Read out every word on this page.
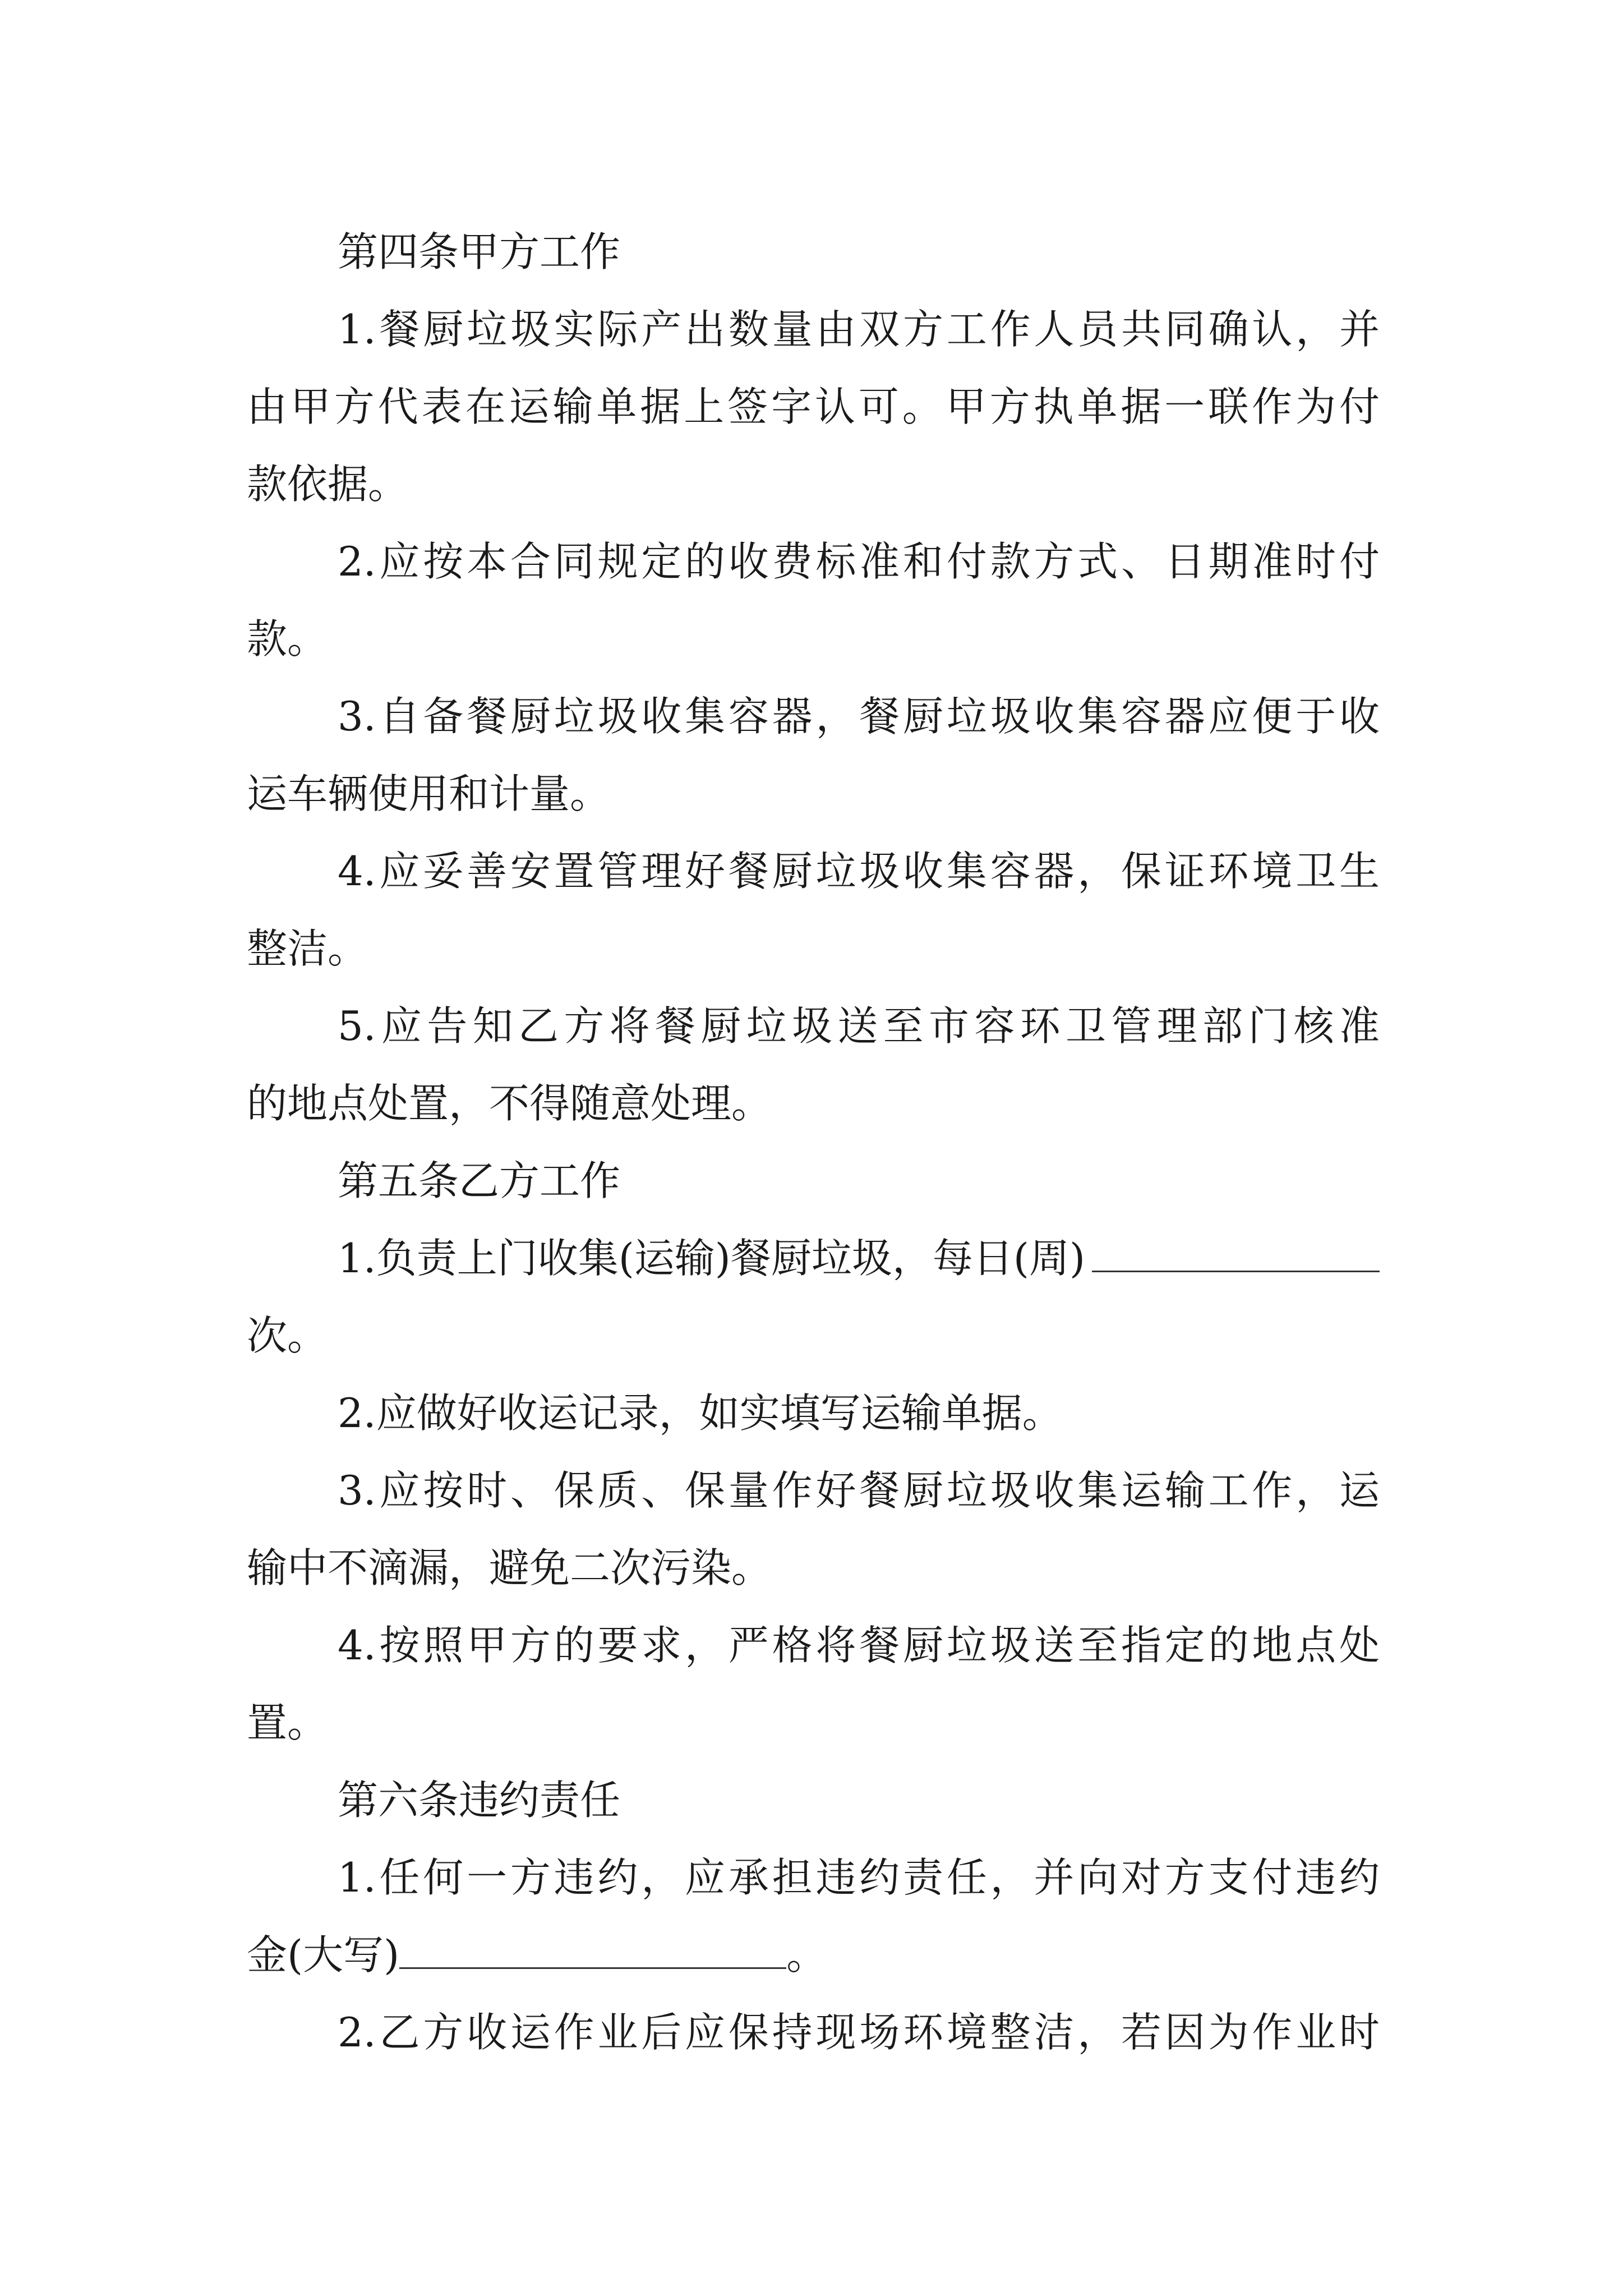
第四条甲方工作
1.餐厨垃圾实际产出数量由双方工作人员共同确认，并
由甲方代表在运输单据上签字认可。甲方执单据一联作为付
款依据。
2.应按本合同规定的收费标准和付款方式、日期准时付
款。
3.自备餐厨垃圾收集容器，餐厨垃圾收集容器应便于收
运车辆使用和计量。
4.应妥善安置管理好餐厨垃圾收集容器，保证环境卫生
整洁。
5.应告知乙方将餐厨垃圾送至市容环卫管理部门核准
的地点处置，不得随意处理。
第五条乙方工作
1.负责上门收集(运输)餐厨垃圾，每日(周)
次。
2.应做好收运记录，如实填写运输单据。
3.应按时、保质、保量作好餐厨垃圾收集运输工作，运
输中不滴漏，避免二次污染。
4.按照甲方的要求，严格将餐厨垃圾送至指定的地点处
置。
第六条违约责任
1.任何一方违约，应承担违约责任，并向对方支付违约
金(大写)	。
2.乙方收运作业后应保持现场环境整洁，若因为作业时
